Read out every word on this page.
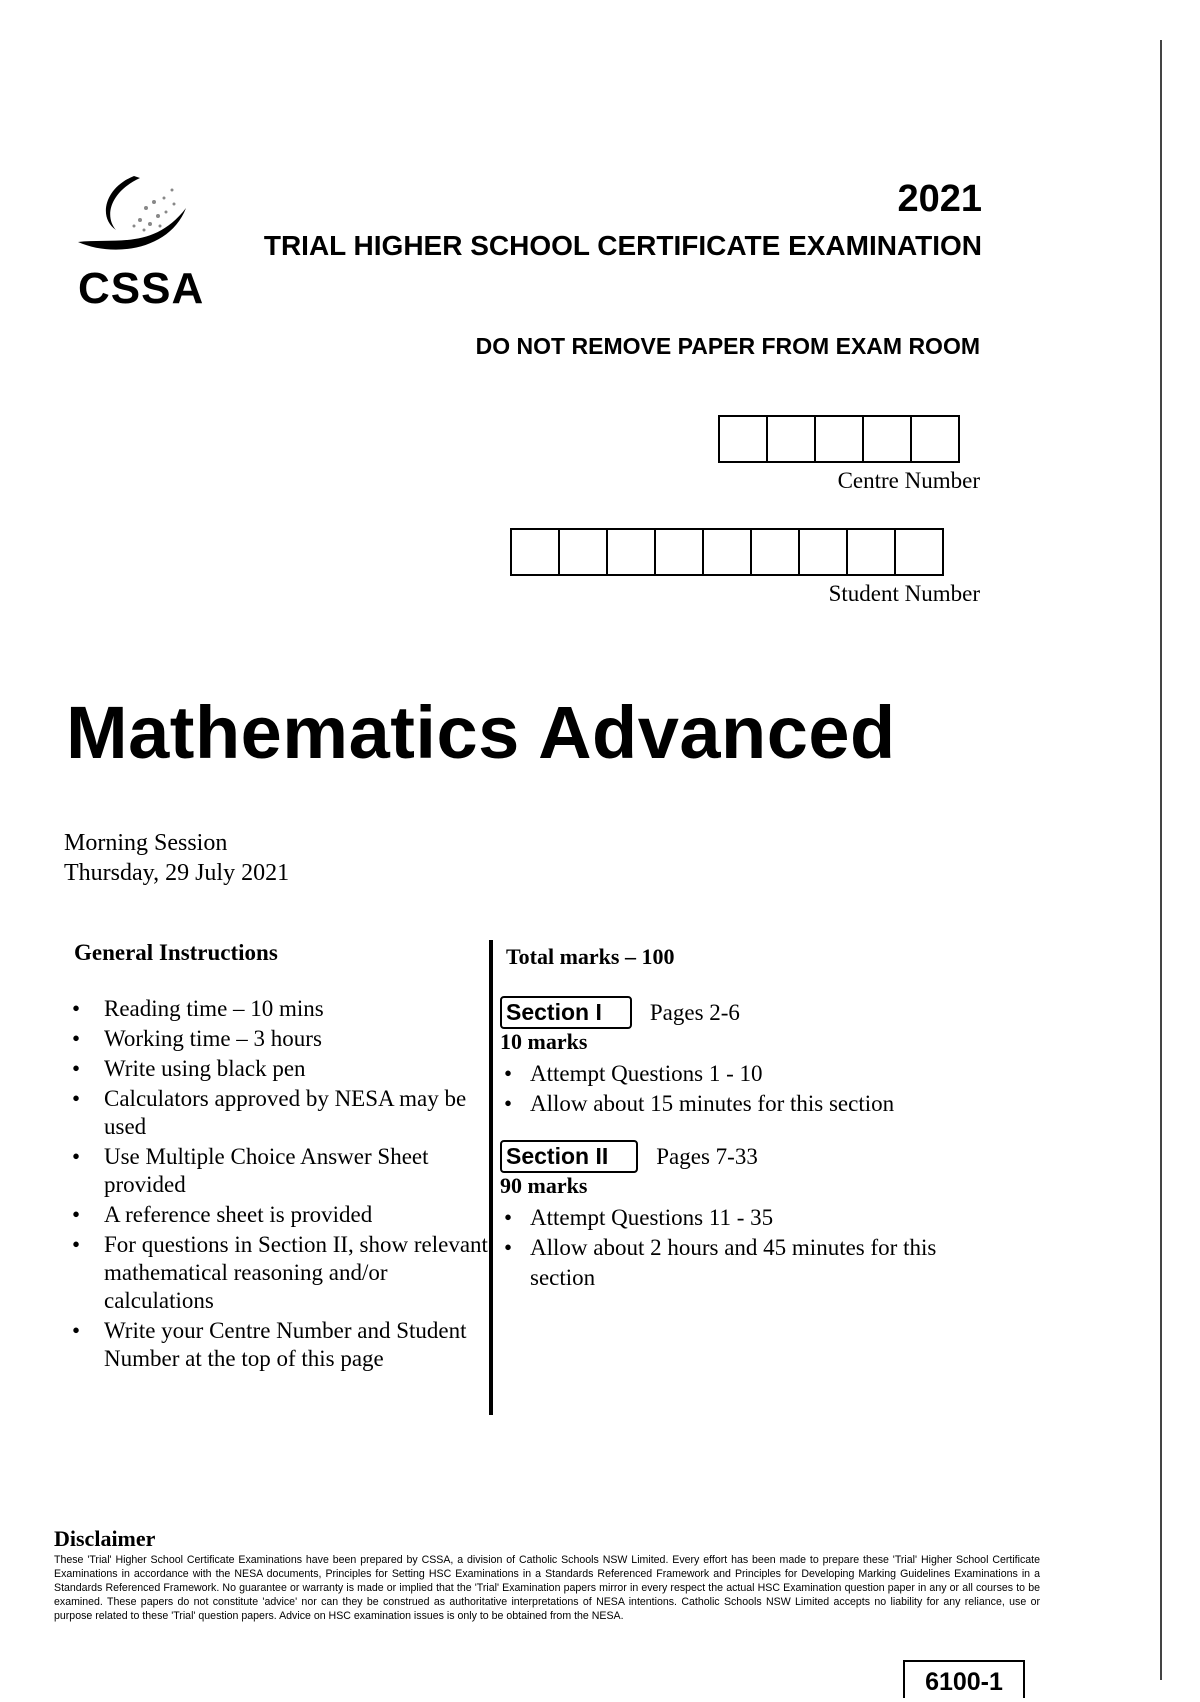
CSSA
2021
TRIAL HIGHER SCHOOL CERTIFICATE EXAMINATION
DO NOT REMOVE PAPER FROM EXAM ROOM
Centre Number
Student Number
Mathematics Advanced
Morning Session
Thursday, 29 July 2021
General Instructions
• Reading time – 10 mins
• Working time – 3 hours
• Write using black pen
• Calculators approved by NESA may be used
• Use Multiple Choice Answer Sheet provided
• A reference sheet is provided
• For questions in Section II, show relevant mathematical reasoning and/or calculations
• Write your Centre Number and Student Number at the top of this page
Total marks – 100
Section I Pages 2-6
10 marks
• Attempt Questions 1 - 10
• Allow about 15 minutes for this section
Section II Pages 7-33
90 marks
• Attempt Questions 11 - 35
• Allow about 2 hours and 45 minutes for this section
Disclaimer
These 'Trial' Higher School Certificate Examinations have been prepared by CSSA, a division of Catholic Schools NSW Limited. Every effort has been made to prepare these 'Trial' Higher School Certificate Examinations in accordance with the NESA documents, Principles for Setting HSC Examinations in a Standards Referenced Framework and Principles for Developing Marking Guidelines Examinations in a Standards Referenced Framework. No guarantee or warranty is made or implied that the 'Trial' Examination papers mirror in every respect the actual HSC Examination question paper in any or all courses to be examined. These papers do not constitute 'advice' nor can they be construed as authoritative interpretations of NESA intentions. Catholic Schools NSW Limited accepts no liability for any reliance, use or purpose related to these 'Trial' question papers. Advice on HSC examination issues is only to be obtained from the NESA.
6100-1
